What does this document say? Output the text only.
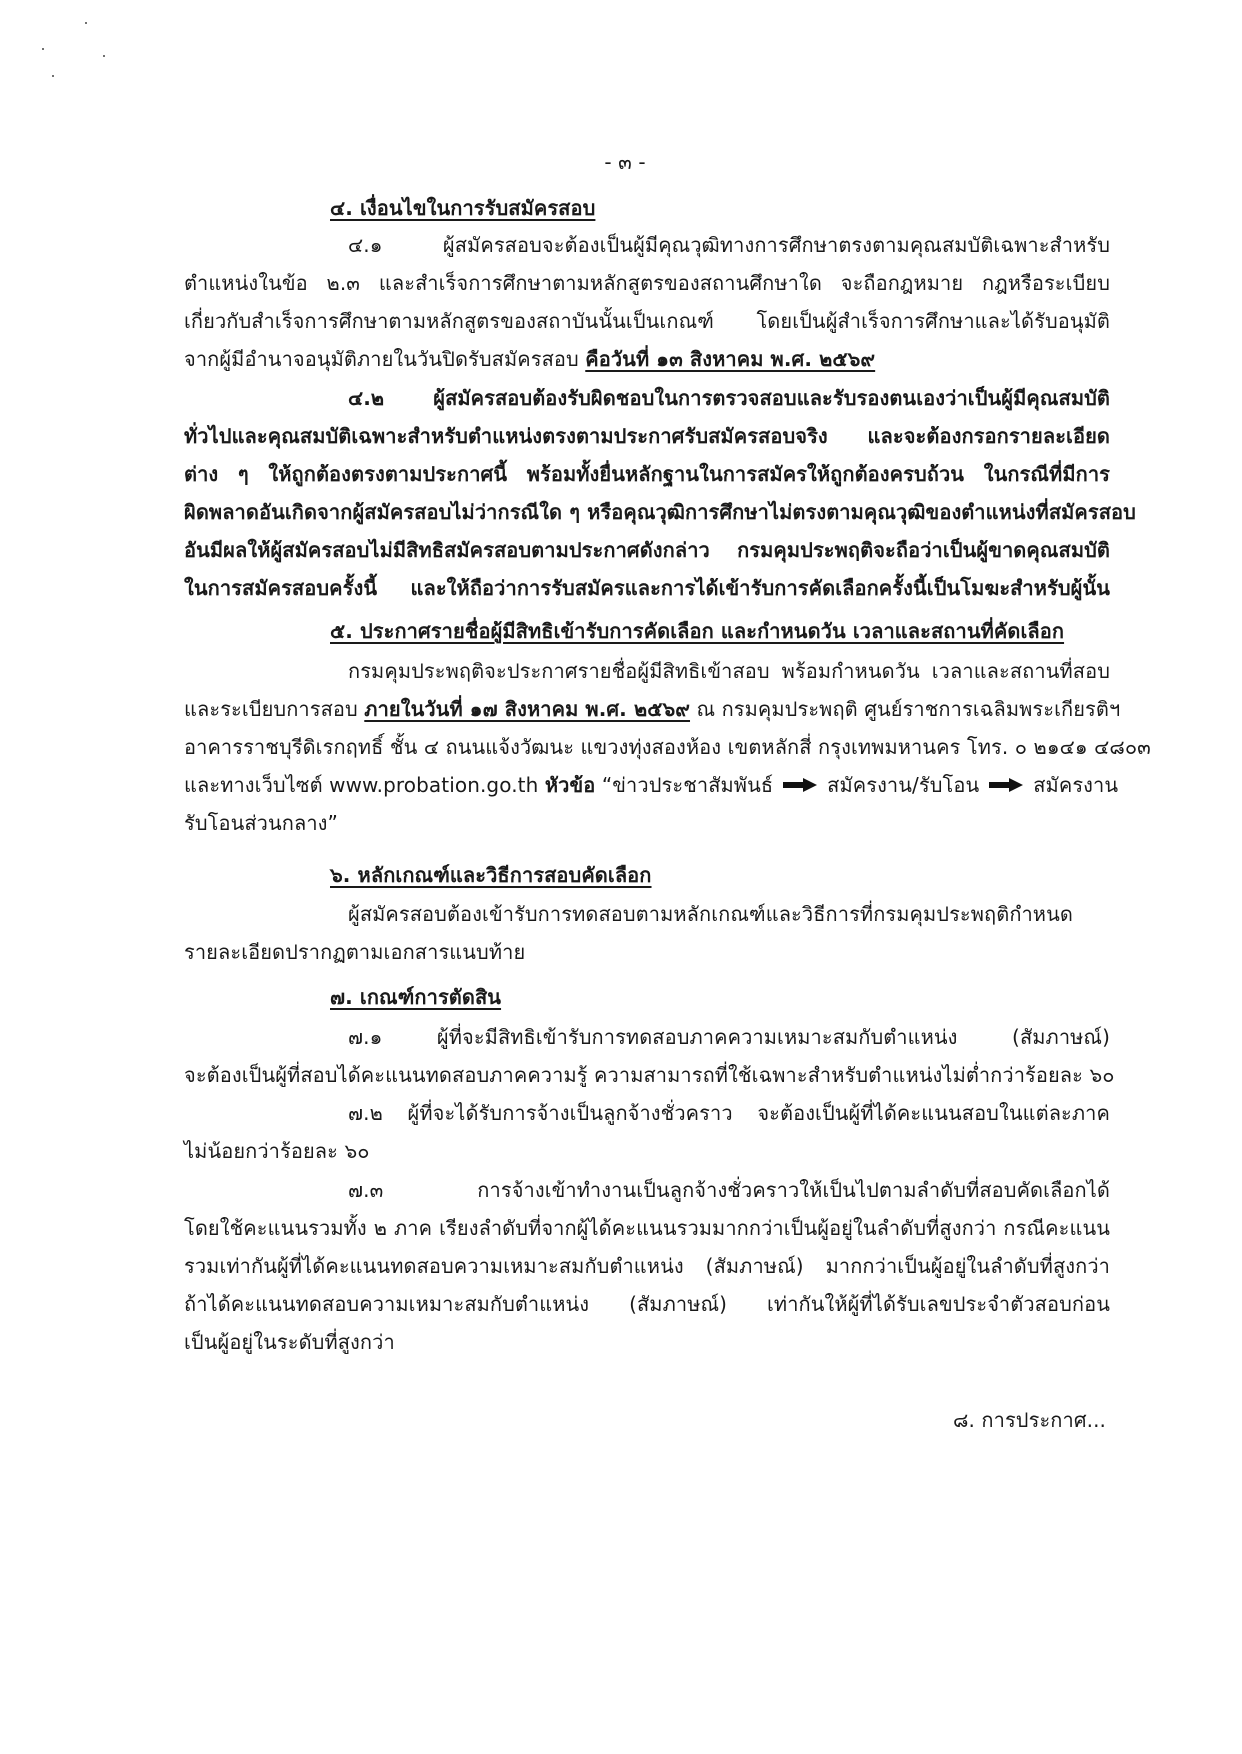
- ๓ -
๔. เงื่อนไขในการรับสมัครสอบ
๔.๑ ผู้สมัครสอบจะต้องเป็นผู้มีคุณวุฒิทางการศึกษาตรงตามคุณสมบัติเฉพาะสำหรับ
ตำแหน่งในข้อ ๒.๓ และสำเร็จการศึกษาตามหลักสูตรของสถานศึกษาใด จะถือกฎหมาย กฎหรือระเบียบ
เกี่ยวกับสำเร็จการศึกษาตามหลักสูตรของสถาบันนั้นเป็นเกณฑ์ โดยเป็นผู้สำเร็จการศึกษาและได้รับอนุมัติ
จากผู้มีอำนาจอนุมัติภายในวันปิดรับสมัครสอบ คือวันที่ ๑๓ สิงหาคม พ.ศ. ๒๕๖๙
๔.๒ ผู้สมัครสอบต้องรับผิดชอบในการตรวจสอบและรับรองตนเองว่าเป็นผู้มีคุณสมบัติ
ทั่วไปและคุณสมบัติเฉพาะสำหรับตำแหน่งตรงตามประกาศรับสมัครสอบจริง และจะต้องกรอกรายละเอียด
ต่าง ๆ ให้ถูกต้องตรงตามประกาศนี้ พร้อมทั้งยื่นหลักฐานในการสมัครให้ถูกต้องครบถ้วน ในกรณีที่มีการ
ผิดพลาดอันเกิดจากผู้สมัครสอบไม่ว่ากรณีใด ๆ หรือคุณวุฒิการศึกษาไม่ตรงตามคุณวุฒิของตำแหน่งที่สมัครสอบ
อันมีผลให้ผู้สมัครสอบไม่มีสิทธิสมัครสอบตามประกาศดังกล่าว กรมคุมประพฤติจะถือว่าเป็นผู้ขาดคุณสมบัติ
ในการสมัครสอบครั้งนี้ และให้ถือว่าการรับสมัครและการได้เข้ารับการคัดเลือกครั้งนี้เป็นโมฆะสำหรับผู้นั้น
๕. ประกาศรายชื่อผู้มีสิทธิเข้ารับการคัดเลือก และกำหนดวัน เวลาและสถานที่คัดเลือก
กรมคุมประพฤติจะประกาศรายชื่อผู้มีสิทธิเข้าสอบ พร้อมกำหนดวัน เวลาและสถานที่สอบ
และระเบียบการสอบ ภายในวันที่ ๑๗ สิงหาคม พ.ศ. ๒๕๖๙ ณ กรมคุมประพฤติ ศูนย์ราชการเฉลิมพระเกียรติฯ
อาคารราชบุรีดิเรกฤทธิ์ ชั้น ๔ ถนนแจ้งวัฒนะ แขวงทุ่งสองห้อง เขตหลักสี่ กรุงเทพมหานคร โทร. ๐ ๒๑๔๑ ๔๘๐๓
และทางเว็บไซต์ www.probation.go.th หัวข้อ “ข่าวประชาสัมพันธ์	สมัครงาน/รับโอน	สมัครงาน
รับโอนส่วนกลาง”
๖. หลักเกณฑ์และวิธีการสอบคัดเลือก
ผู้สมัครสอบต้องเข้ารับการทดสอบตามหลักเกณฑ์และวิธีการที่กรมคุมประพฤติกำหนด
รายละเอียดปรากฏตามเอกสารแนบท้าย
๗. เกณฑ์การตัดสิน
๗.๑ ผู้ที่จะมีสิทธิเข้ารับการทดสอบภาคความเหมาะสมกับตำแหน่ง (สัมภาษณ์)
จะต้องเป็นผู้ที่สอบได้คะแนนทดสอบภาคความรู้ ความสามารถที่ใช้เฉพาะสำหรับตำแหน่งไม่ต่ำกว่าร้อยละ ๖๐
๗.๒ ผู้ที่จะได้รับการจ้างเป็นลูกจ้างชั่วคราว จะต้องเป็นผู้ที่ได้คะแนนสอบในแต่ละภาค
ไม่น้อยกว่าร้อยละ ๖๐
๗.๓ การจ้างเข้าทำงานเป็นลูกจ้างชั่วคราวให้เป็นไปตามลำดับที่สอบคัดเลือกได้
โดยใช้คะแนนรวมทั้ง ๒ ภาค เรียงลำดับที่จากผู้ได้คะแนนรวมมากกว่าเป็นผู้อยู่ในลำดับที่สูงกว่า กรณีคะแนน
รวมเท่ากันผู้ที่ได้คะแนนทดสอบความเหมาะสมกับตำแหน่ง (สัมภาษณ์) มากกว่าเป็นผู้อยู่ในลำดับที่สูงกว่า
ถ้าได้คะแนนทดสอบความเหมาะสมกับตำแหน่ง (สัมภาษณ์) เท่ากันให้ผู้ที่ได้รับเลขประจำตัวสอบก่อน
เป็นผู้อยู่ในระดับที่สูงกว่า
๘. การประกาศ...
